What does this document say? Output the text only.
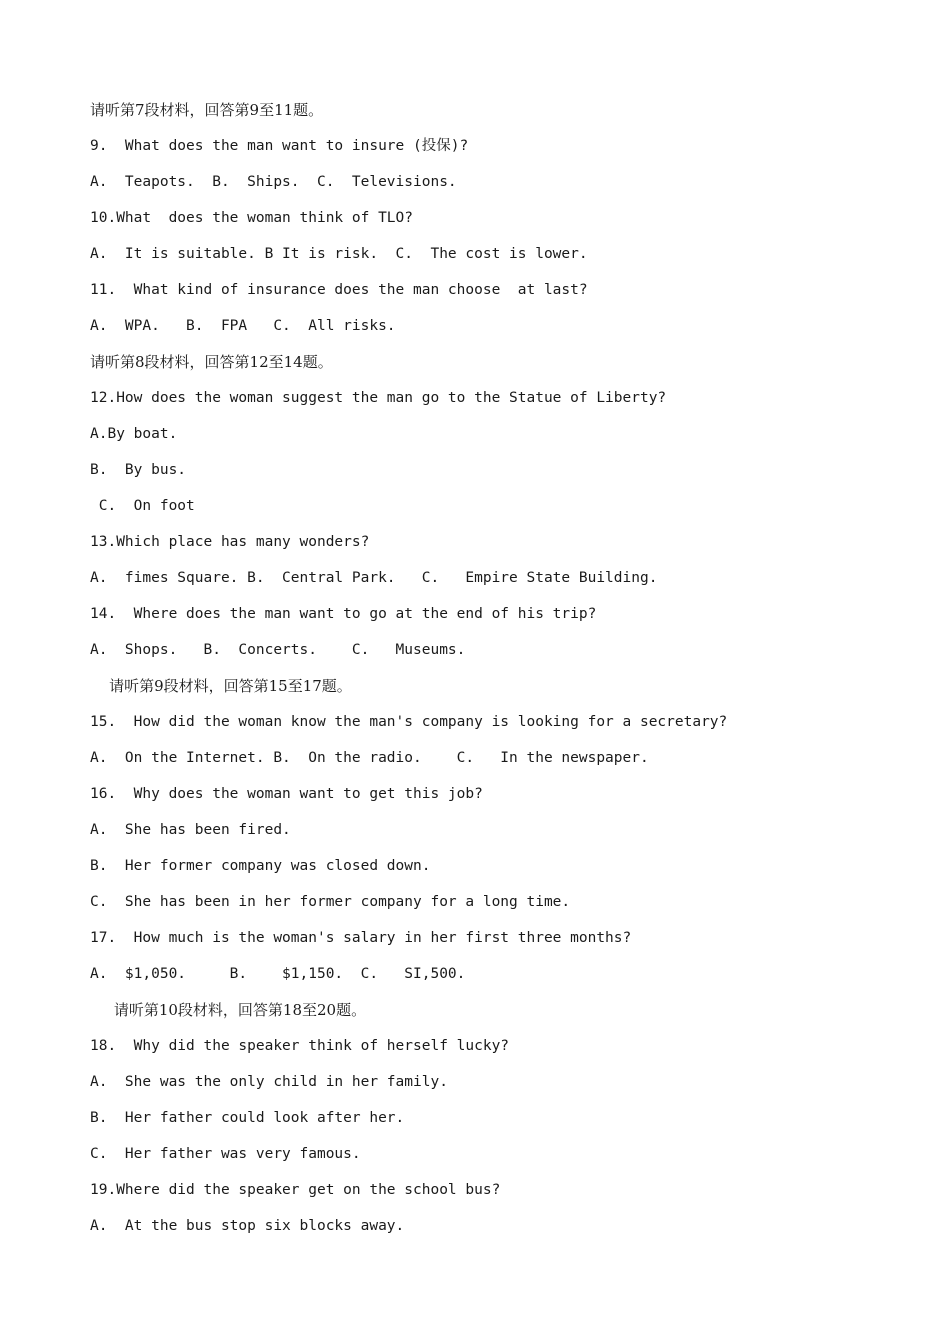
请听第7段材料，回答第9至11题。
9.  What does the man want to insure (投保)?
A.  Teapots.  B.  Ships.  C.  Televisions.
10.What  does the woman think of TLO?
A.  It is suitable. B It is risk.  C.  The cost is lower.
11.  What kind of insurance does the man choose  at last?
A.  WPA.   B.  FPA   C.  All risks.
请听第8段材料，回答第12至14题。
12.How does the woman suggest the man go to the Statue of Liberty?
A.By boat.
B.  By bus.
C.  On foot
13.Which place has many wonders?
A.  fimes Square. B.  Central Park.   C.   Empire State Building.
14.  Where does the man want to go at the end of his trip?
A.  Shops.   B.  Concerts.    C.   Museums.
请听第9段材料，回答第15至17题。
15.  How did the woman know the man's company is looking for a secretary?
A.  On the Internet. B.  On the radio.    C.   In the newspaper.
16.  Why does the woman want to get this job?
A.  She has been fired.
B.  Her former company was closed down.
C.  She has been in her former company for a long time.
17.  How much is the woman's salary in her first three months?
A.  $1,050.     B.    $1,150.  C.   SI,500.
请听第10段材料，回答第18至20题。
18.  Why did the speaker think of herself lucky?
A.  She was the only child in her family.
B.  Her father could look after her.
C.  Her father was very famous.
19.Where did the speaker get on the school bus?
A.  At the bus stop six blocks away.
